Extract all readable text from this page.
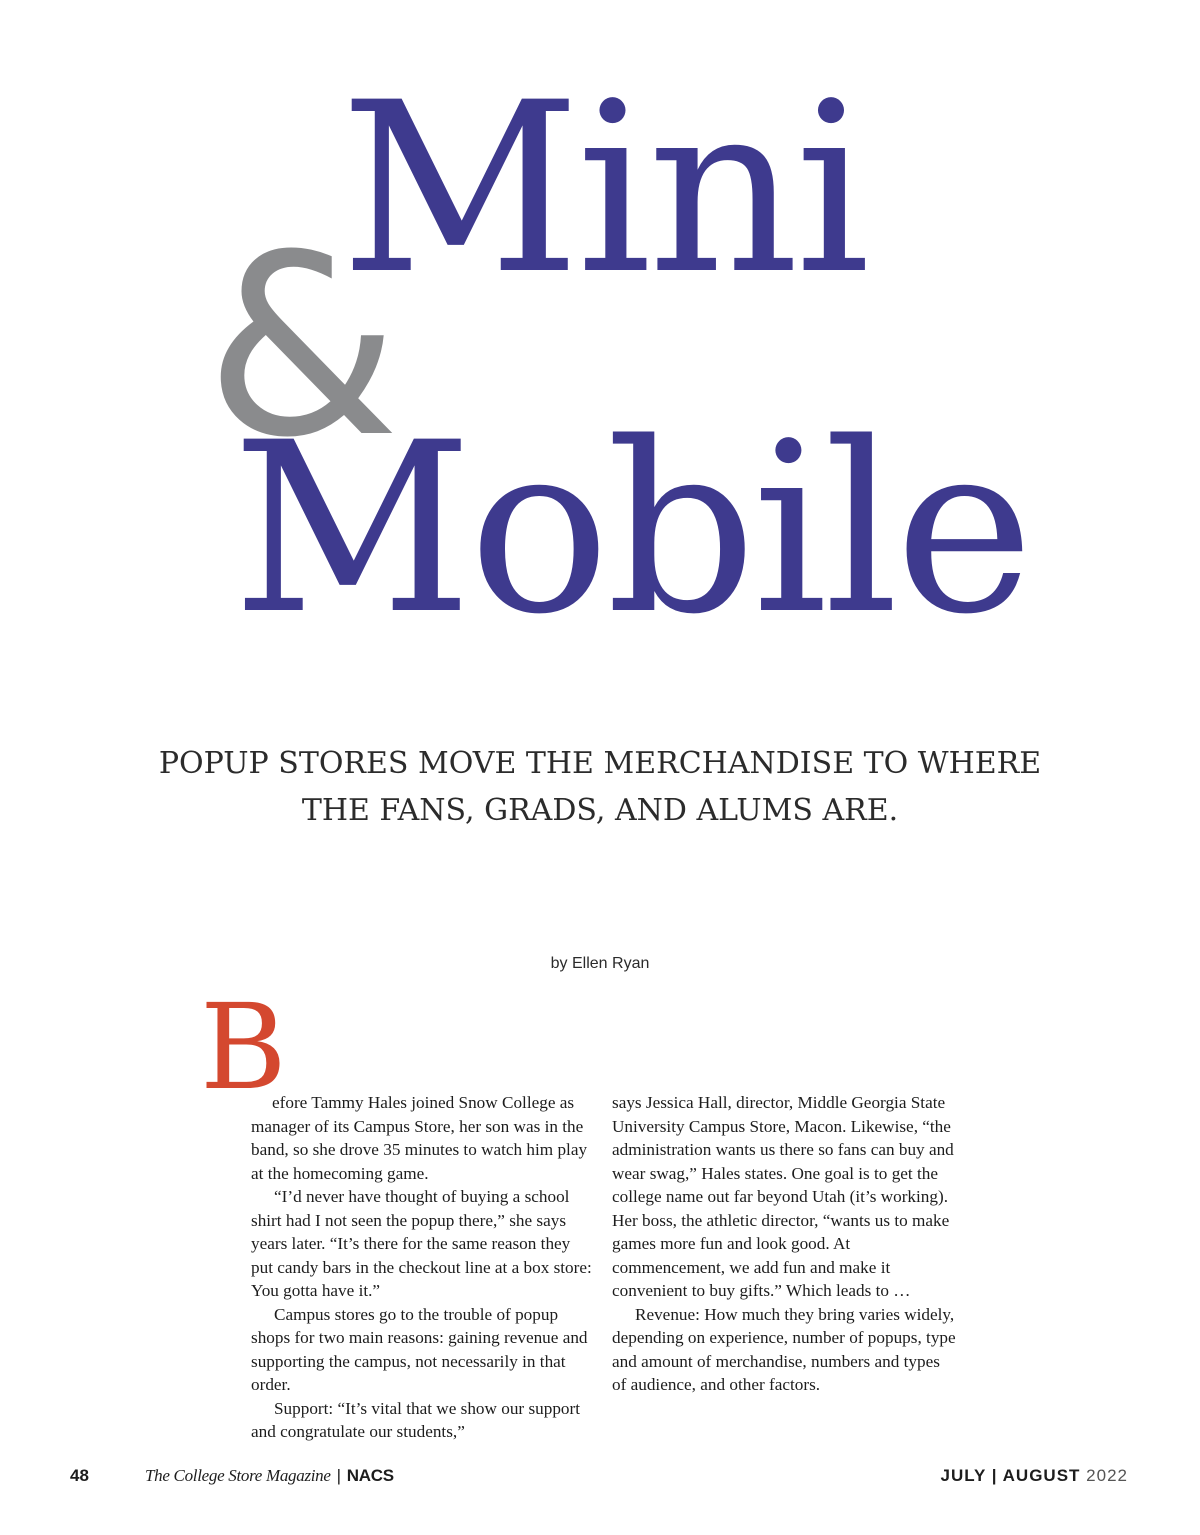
Mini
&
Mobile
POPUP STORES MOVE THE MERCHANDISE TO WHERE
THE FANS, GRADS, AND ALUMS ARE.
by Ellen Ryan
B

efore Tammy Hales joined Snow College as manager of its Campus Store, her son was in the band, so she drove 35 minutes to watch him play at the homecoming game.

“I’d never have thought of buying a school shirt had I not seen the popup there,” she says years later. “It’s there for the same reason they put candy bars in the checkout line at a box store: You gotta have it.”

Campus stores go to the trouble of popup shops for two main reasons: gaining revenue and supporting the campus, not necessarily in that order.

Support: “It’s vital that we show our support and congratulate our students,”

says Jessica Hall, director, Middle Georgia State University Campus Store, Macon. Likewise, “the administration wants us there so fans can buy and wear swag,” Hales states. One goal is to get the college name out far beyond Utah (it’s working). Her boss, the athletic director, “wants us to make games more fun and look good. At commencement, we add fun and make it convenient to buy gifts.” Which leads to …

Revenue: How much they bring varies widely, depending on experience, number of popups, type and amount of merchandise, numbers and types of audience, and other factors.

48	The College Store Magazine | NACS	JULY | AUGUST 2022
